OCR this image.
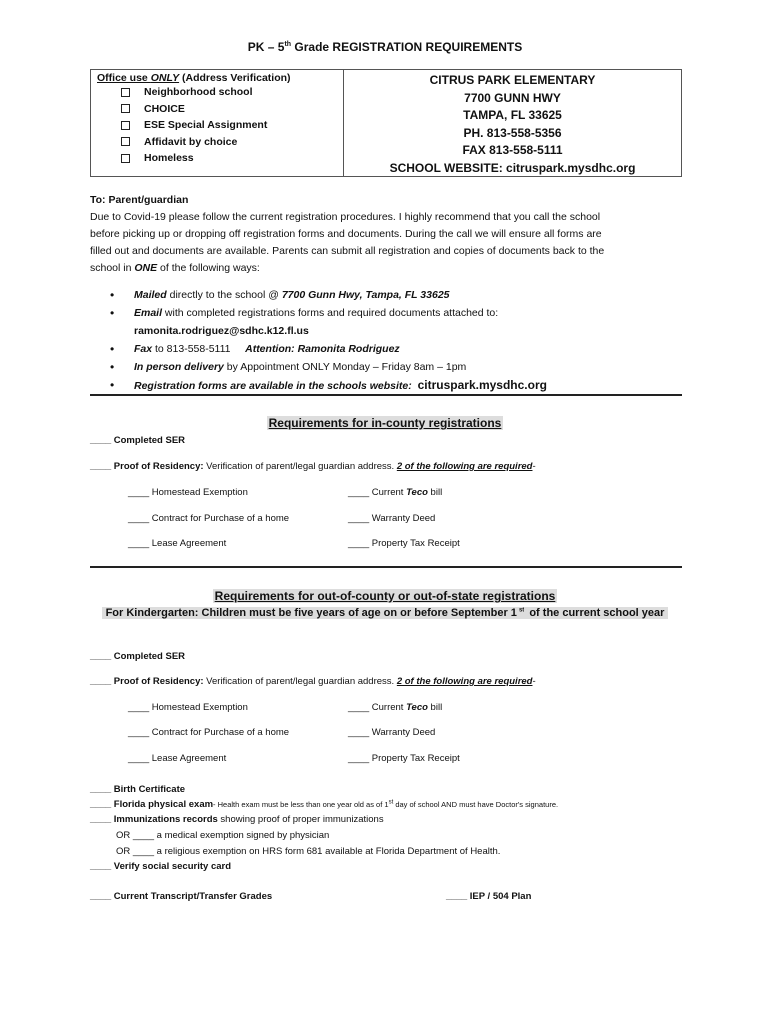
PK – 5th Grade REGISTRATION REQUIREMENTS
Office use ONLY (Address Verification)
Neighborhood school
CHOICE
ESE Special Assignment
Affidavit by choice
Homeless
CITRUS PARK ELEMENTARY
7700 GUNN HWY
TAMPA, FL 33625
PH. 813-558-5356
FAX 813-558-5111
SCHOOL WEBSITE: citruspark.mysdhc.org
To: Parent/guardian
Due to Covid-19 please follow the current registration procedures. I highly recommend that you call the school
before picking up or dropping off registration forms and documents. During the call we will ensure all forms are
filled out and documents are available. Parents can submit all registration and copies of documents back to the
school in ONE of the following ways:
•	Mailed directly to the school @ 7700 Gunn Hwy, Tampa, FL 33625
•	Email with completed registrations forms and required documents attached to:
ramonita.rodriguez@sdhc.k12.fl.us
•	Fax to 813-558-5111     Attention: Ramonita Rodriguez
•	In person delivery by Appointment ONLY Monday – Friday 8am – 1pm
•	Registration forms are available in the schools website: citruspark.mysdhc.org
Requirements for in-county registrations
____ Completed SER
____ Proof of Residency: Verification of parent/legal guardian address. 2 of the following are required-
____ Homestead Exemption	____ Current Teco bill
____ Contract for Purchase of a home	____ Warranty Deed
____ Lease Agreement	____ Property Tax Receipt
Requirements for out-of-county or out-of-state registrations
For Kindergarten: Children must be five years of age on or before September 1 $^{st}$ of the current school year
____ Completed SER
____ Proof of Residency: Verification of parent/legal guardian address. 2 of the following are required-
____ Homestead Exemption	____ Current Teco bill
____ Contract for Purchase of a home	____ Warranty Deed
____ Lease Agreement	____ Property Tax Receipt
____ Birth Certificate
____ Florida physical exam- Health exam must be less than one year old as of 1st day of school AND must have Doctor's signature.
____ Immunizations records showing proof of proper immunizations
OR ____ a medical exemption signed by physician
OR ____ a religious exemption on HRS form 681 available at Florida Department of Health.
____ Verify social security card
____ Current Transcript/Transfer Grades	____ IEP / 504 Plan
